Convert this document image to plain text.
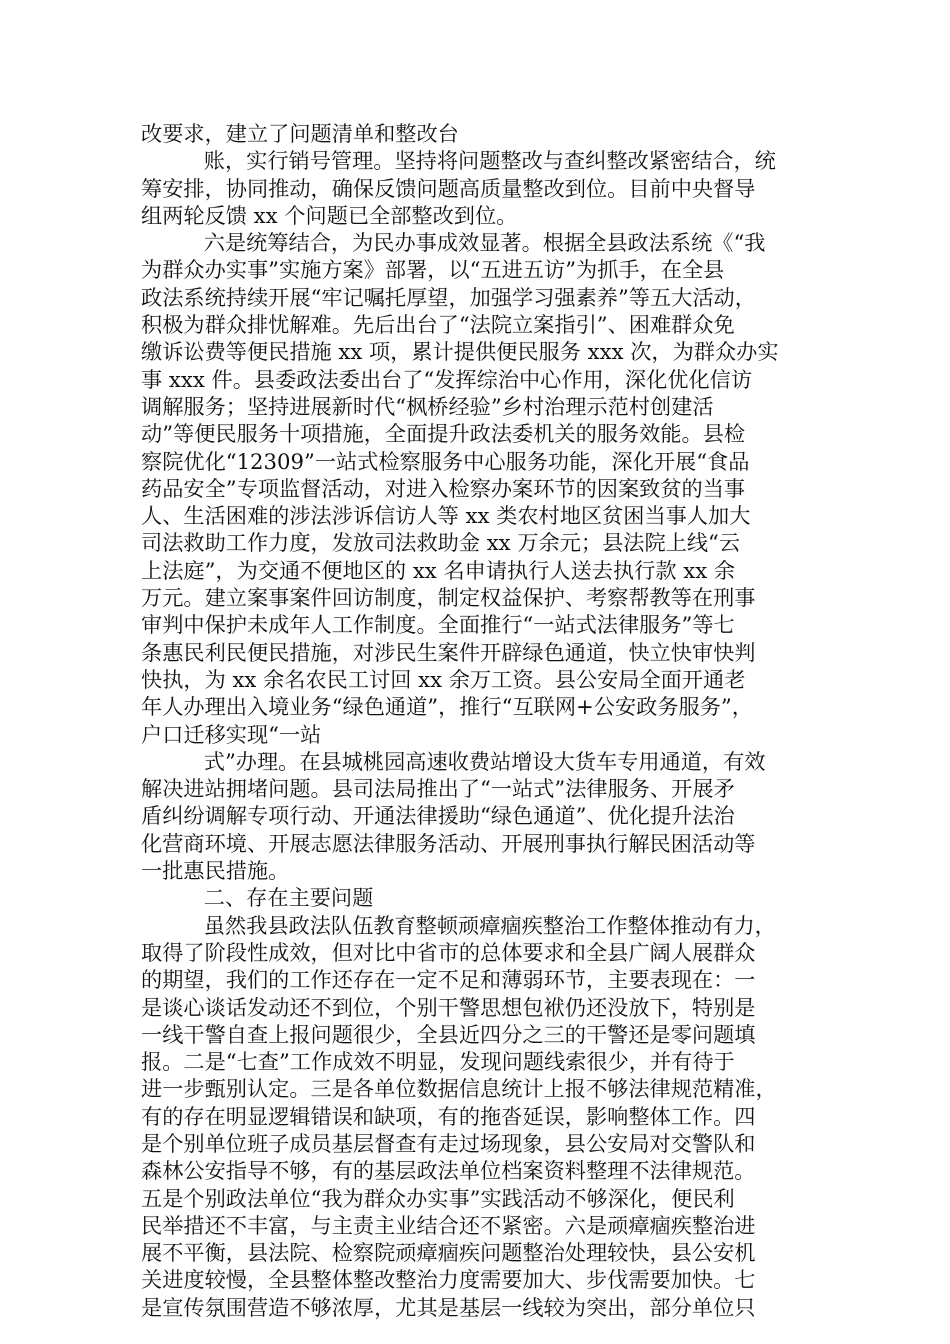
改要求，建立了问题清单和整改台
账，实行销号管理。坚持将问题整改与查纠整改紧密结合，统
筹安排，协同推动，确保反馈问题高质量整改到位。目前中央督导
组两轮反馈 xx 个问题已全部整改到位。
六是统筹结合，为民办事成效显著。根据全县政法系统《“我
为群众办实事”实施方案》部署，以“五进五访”为抓手，在全县
政法系统持续开展“牢记嘱托厚望，加强学习强素养”等五大活动，
积极为群众排忧解难。先后出台了“法院立案指引”、困难群众免
缴诉讼费等便民措施 xx 项，累计提供便民服务 xxx 次，为群众办实
事 xxx 件。县委政法委出台了“发挥综治中心作用，深化优化信访
调解服务；坚持进展新时代“枫桥经验”乡村治理示范村创建活
动”等便民服务十项措施，全面提升政法委机关的服务效能。县检
察院优化“12309”一站式检察服务中心服务功能，深化开展“食品
药品安全”专项监督活动，对进入检察办案环节的因案致贫的当事
人、生活困难的涉法涉诉信访人等 xx 类农村地区贫困当事人加大
司法救助工作力度，发放司法救助金 xx 万余元；县法院上线“云
上法庭”，为交通不便地区的 xx 名申请执行人送去执行款 xx 余
万元。建立案事案件回访制度，制定权益保护、考察帮教等在刑事
审判中保护未成年人工作制度。全面推行“一站式法律服务”等七
条惠民利民便民措施，对涉民生案件开辟绿色通道，快立快审快判
快执，为 xx 余名农民工讨回 xx 余万工资。县公安局全面开通老
年人办理出入境业务“绿色通道”，推行“互联网+公安政务服务”，
户口迁移实现“一站
式”办理。在县城桃园高速收费站增设大货车专用通道，有效
解决进站拥堵问题。县司法局推出了“一站式”法律服务、开展矛
盾纠纷调解专项行动、开通法律援助“绿色通道”、优化提升法治
化营商环境、开展志愿法律服务活动、开展刑事执行解民困活动等
一批惠民措施。
二、存在主要问题
虽然我县政法队伍教育整顿顽瘴痼疾整治工作整体推动有力，
取得了阶段性成效，但对比中省市的总体要求和全县广阔人展群众
的期望，我们的工作还存在一定不足和薄弱环节，主要表现在：一
是谈心谈话发动还不到位，个别干警思想包袱仍还没放下，特别是
一线干警自查上报问题很少，全县近四分之三的干警还是零问题填
报。二是“七查”工作成效不明显，发现问题线索很少，并有待于
进一步甄别认定。三是各单位数据信息统计上报不够法律规范精准，
有的存在明显逻辑错误和缺项，有的拖沓延误，影响整体工作。四
是个别单位班子成员基层督查有走过场现象，县公安局对交警队和
森林公安指导不够，有的基层政法单位档案资料整理不法律规范。
五是个别政法单位“我为群众办实事”实践活动不够深化，便民利
民举措还不丰富，与主责主业结合还不紧密。六是顽瘴痼疾整治进
展不平衡，县法院、检察院顽瘴痼疾问题整治处理较快，县公安机
关进度较慢，全县整体整改整治力度需要加大、步伐需要加快。七
是宣传氛围营造不够浓厚，尤其是基层一线较为突出，部分单位只
